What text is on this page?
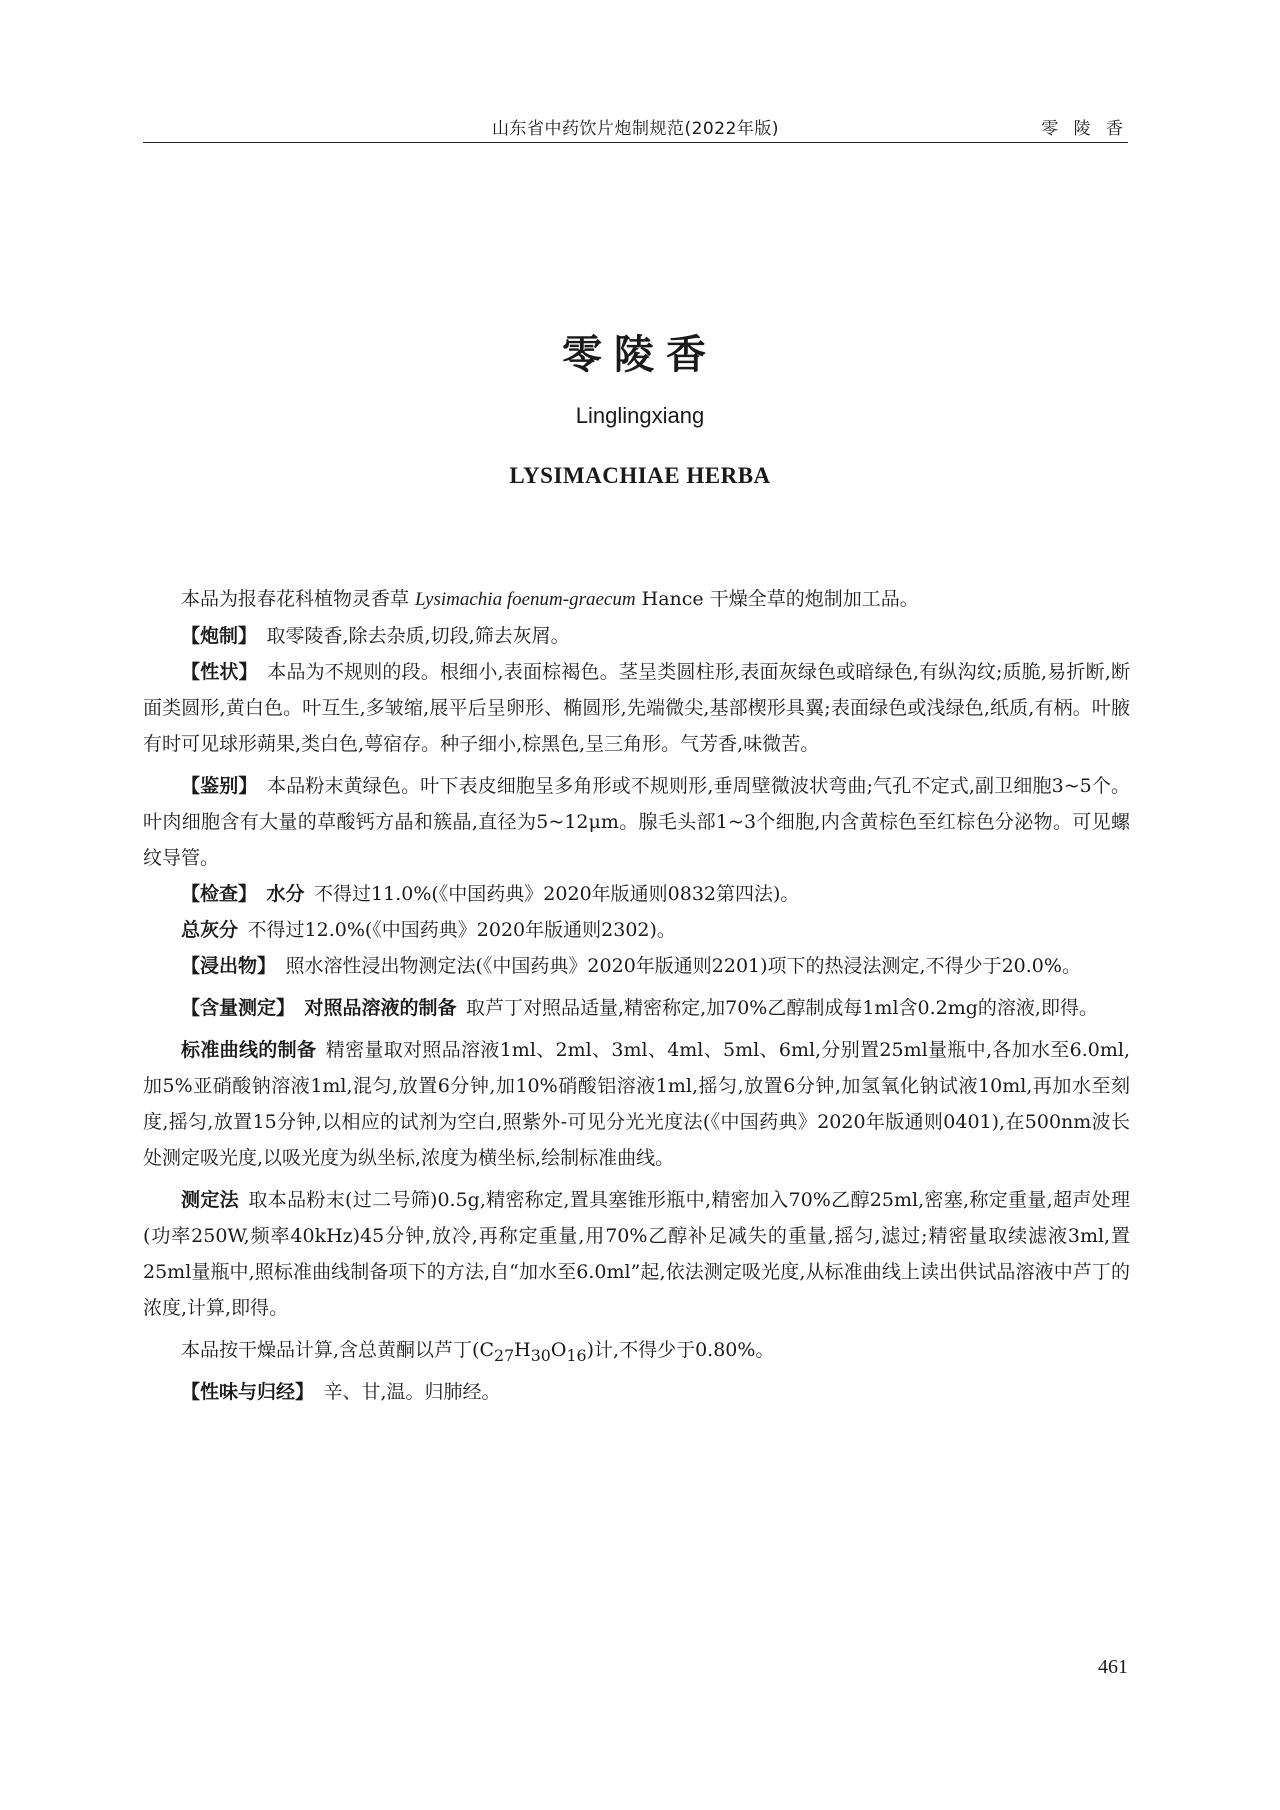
山东省中药饮片炮制规范(2022年版)	零 陵 香
零陵香
Linglingxiang
LYSIMACHIAE HERBA

本品为报春花科植物灵香草 Lysimachia foenum-graecum Hance 干燥全草的炮制加工品。

【炮制】 取零陵香,除去杂质,切段,筛去灰屑。

【性状】 本品为不规则的段。根细小,表面棕褐色。茎呈类圆柱形,表面灰绿色或暗绿色,有纵沟纹;质脆,易折断,断面类圆形,黄白色。叶互生,多皱缩,展平后呈卵形、椭圆形,先端微尖,基部楔形具翼;表面绿色或浅绿色,纸质,有柄。叶腋有时可见球形蒴果,类白色,萼宿存。种子细小,棕黑色,呈三角形。气芳香,味微苦。

【鉴别】 本品粉末黄绿色。叶下表皮细胞呈多角形或不规则形,垂周壁微波状弯曲;气孔不定式,副卫细胞3~5个。叶肉细胞含有大量的草酸钙方晶和簇晶,直径为5~12μm。腺毛头部1~3个细胞,内含黄棕色至红棕色分泌物。可见螺纹导管。

【检查】 水分 不得过11.0%(《中国药典》2020年版通则0832第四法)。

总灰分 不得过12.0%(《中国药典》2020年版通则2302)。

【浸出物】 照水溶性浸出物测定法(《中国药典》2020年版通则2201)项下的热浸法测定,不得少于20.0%。

【含量测定】 对照品溶液的制备 取芦丁对照品适量,精密称定,加70%乙醇制成每1ml含0.2mg的溶液,即得。

标准曲线的制备 精密量取对照品溶液1ml、2ml、3ml、4ml、5ml、6ml,分别置25ml量瓶中,各加水至6.0ml,加5%亚硝酸钠溶液1ml,混匀,放置6分钟,加10%硝酸铝溶液1ml,摇匀,放置6分钟,加氢氧化钠试液10ml,再加水至刻度,摇匀,放置15分钟,以相应的试剂为空白,照紫外-可见分光光度法(《中国药典》2020年版通则0401),在500nm波长处测定吸光度,以吸光度为纵坐标,浓度为横坐标,绘制标准曲线。

测定法 取本品粉末(过二号筛)0.5g,精密称定,置具塞锥形瓶中,精密加入70%乙醇25ml,密塞,称定重量,超声处理(功率250W,频率40kHz)45分钟,放冷,再称定重量,用70%乙醇补足减失的重量,摇匀,滤过;精密量取续滤液3ml,置25ml量瓶中,照标准曲线制备项下的方法,自“加水至6.0ml”起,依法测定吸光度,从标准曲线上读出供试品溶液中芦丁的浓度,计算,即得。

本品按干燥品计算,含总黄酮以芦丁$(C_{27}H_{30}O_{16})$计,不得少于0.80%。

【性味与归经】 辛、甘,温。归肺经。

461
